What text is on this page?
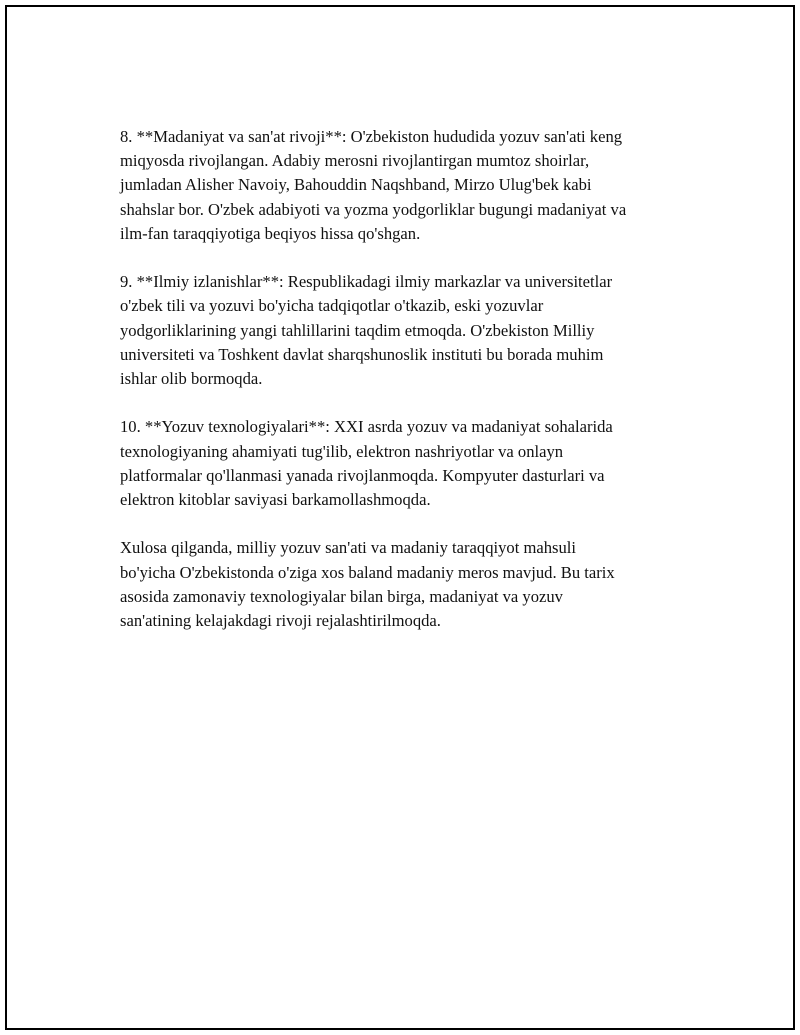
8. **Madaniyat va san'at rivoji**: O'zbekiston hududida yozuv san'ati keng
miqyosda rivojlangan. Adabiy merosni rivojlantirgan mumtoz shoirlar,
jumladan Alisher Navoiy, Bahouddin Naqshband, Mirzo Ulug'bek kabi
shahslar bor. O'zbek adabiyoti va yozma yodgorliklar bugungi madaniyat va
ilm-fan taraqqiyotiga beqiyos hissa qo'shgan.

9. **Ilmiy izlanishlar**: Respublikadagi ilmiy markazlar va universitetlar
o'zbek tili va yozuvi bo'yicha tadqiqotlar o'tkazib, eski yozuvlar
yodgorliklarining yangi tahlillarini taqdim etmoqda. O'zbekiston Milliy
universiteti va Toshkent davlat sharqshunoslik instituti bu borada muhim
ishlar olib bormoqda.

10. **Yozuv texnologiyalari**: XXI asrda yozuv va madaniyat sohalarida
texnologiyaning ahamiyati tug'ilib, elektron nashriyotlar va onlayn
platformalar qo'llanmasi yanada rivojlanmoqda. Kompyuter dasturlari va
elektron kitoblar saviyasi barkamollashmoqda.

Xulosa qilganda, milliy yozuv san'ati va madaniy taraqqiyot mahsuli
bo'yicha O'zbekistonda o'ziga xos baland madaniy meros mavjud. Bu tarix
asosida zamonaviy texnologiyalar bilan birga, madaniyat va yozuv
san'atining kelajakdagi rivoji rejalashtirilmoqda.
